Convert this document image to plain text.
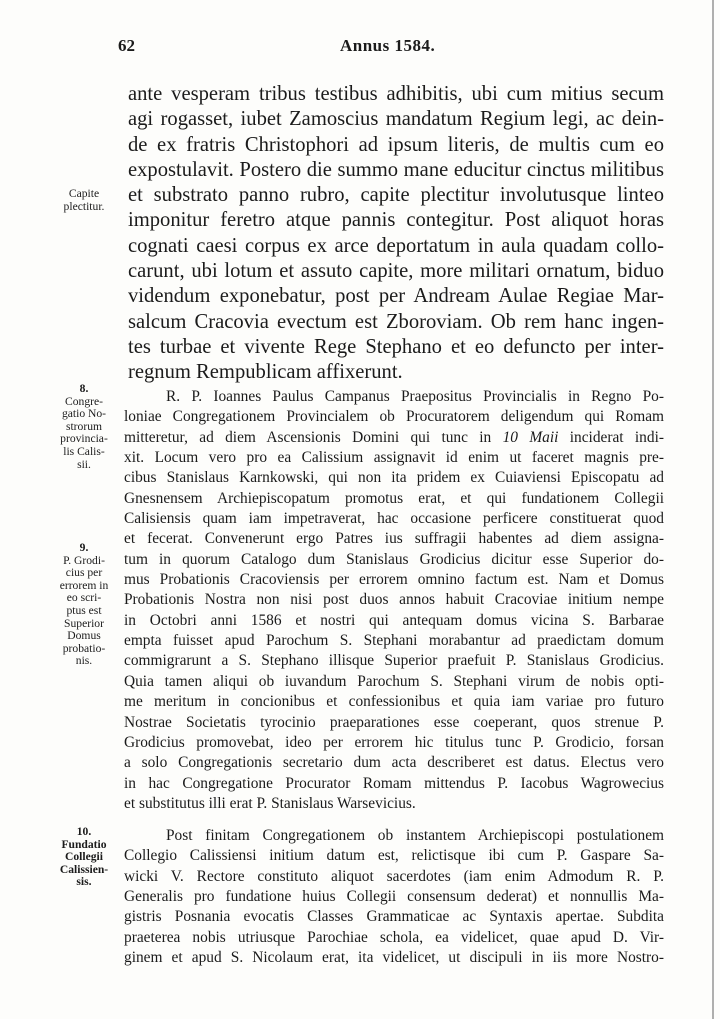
62	Annus 1584.
ante vesperam tribus testibus adhibitis, ubi cum mitius secum
agi rogasset, iubet Zamoscius mandatum Regium legi, ac dein-
de ex fratris Christophori ad ipsum literis, de multis cum eo
expostulavit. Postero die summo mane educitur cinctus militibus
et substrato panno rubro, capite plectitur involutusque linteo
imponitur feretro atque pannis contegitur. Post aliquot horas
cognati caesi corpus ex arce deportatum in aula quadam collo-
carunt, ubi lotum et assuto capite, more militari ornatum, biduo
videndum exponebatur, post per Andream Aulae Regiae Mar-
salcum Cracovia evectum est Zboroviam. Ob rem hanc ingen-
tes turbae et vivente Rege Stephano et eo defuncto per inter-
regnum Rempublicam affixerunt.
Capite
plectitur.
R. P. Ioannes Paulus Campanus Praepositus Provincialis in Regno Po-
loniae Congregationem Provincialem ob Procuratorem deligendum qui Romam
mitteretur, ad diem Ascensionis Domini qui tunc in 10 Maii inciderat indi-
xit. Locum vero pro ea Calissium assignavit id enim ut faceret magnis pre-
cibus Stanislaus Karnkowski, qui non ita pridem ex Cuiaviensi Episcopatu ad
Gnesnensem Archiepiscopatum promotus erat, et qui fundationem Collegii
Calisiensis quam iam impetraverat, hac occasione perficere constituerat quod
et fecerat. Convenerunt ergo Patres ius suffragii habentes ad diem assigna-
tum in quorum Catalogo dum Stanislaus Grodicius dicitur esse Superior do-
mus Probationis Cracoviensis per errorem omnino factum est. Nam et Domus
Probationis Nostra non nisi post duos annos habuit Cracoviae initium nempe
in Octobri anni 1586 et nostri qui antequam domus vicina S. Barbarae
empta fuisset apud Parochum S. Stephani morabantur ad praedictam domum
commigrarunt a S. Stephano illisque Superior praefuit P. Stanislaus Grodicius.
Quia tamen aliqui ob iuvandum Parochum S. Stephani virum de nobis opti-
me meritum in concionibus et confessionibus et quia iam variae pro futuro
Nostrae Societatis tyrocinio praeparationes esse coeperant, quos strenue P.
Grodicius promovebat, ideo per errorem hic titulus tunc P. Grodicio, forsan
a solo Congregationis secretario dum acta describeret est datus. Electus vero
in hac Congregatione Procurator Romam mittendus P. Iacobus Wagrowecius
et substitutus illi erat P. Stanislaus Warsevicius.
8.
Congre-
gatio No-
strorum
provincia-
lis Calis-
sii.
9.
P. Grodi-
cius per
errorem in
eo scri-
ptus est
Superior
Domus
probatio-
nis.
Post finitam Congregationem ob instantem Archiepiscopi postulationem
Collegio Calissiensi initium datum est, relictisque ibi cum P. Gaspare Sa-
wicki V. Rectore constituto aliquot sacerdotes (iam enim Admodum R. P.
Generalis pro fundatione huius Collegii consensum dederat) et nonnullis Ma-
gistris Posnania evocatis Classes Grammaticae ac Syntaxis apertae. Subdita
praeterea nobis utriusque Parochiae schola, ea videlicet, quae apud D. Vir-
ginem et apud S. Nicolaum erat, ita videlicet, ut discipuli in iis more Nostro-
10.
Fundatio
Collegii
Calissien-
sis.
